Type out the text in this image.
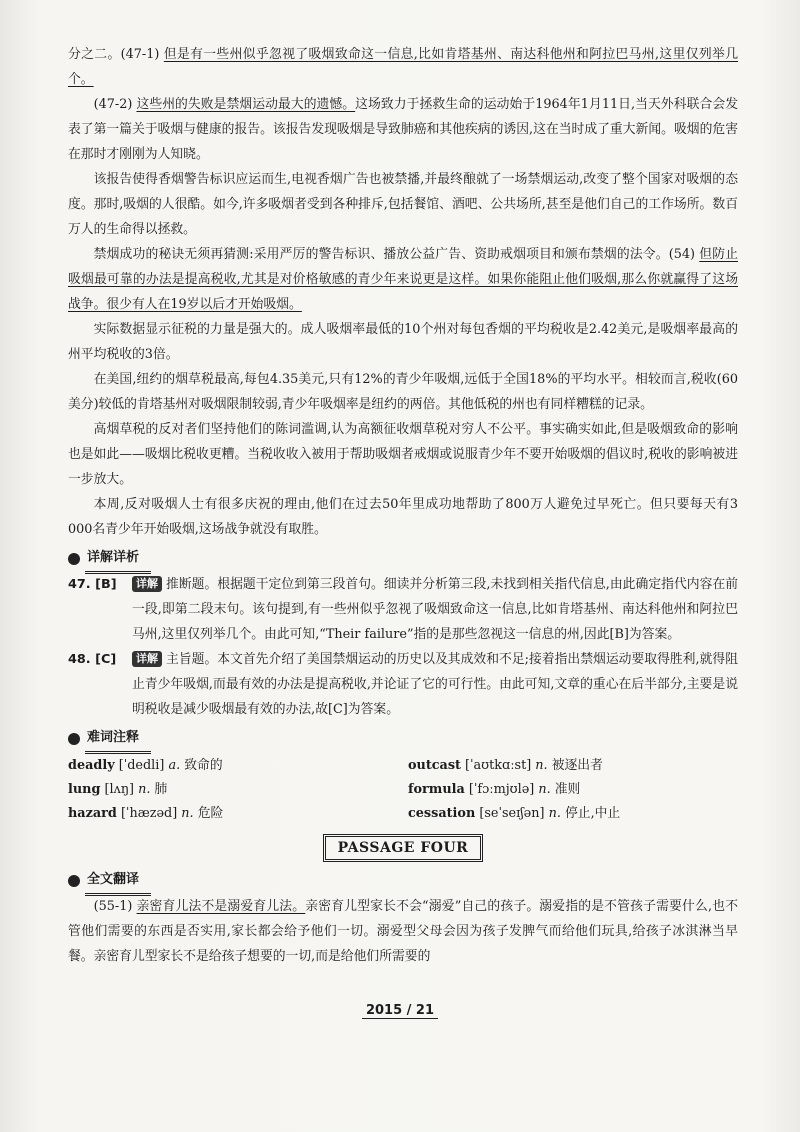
分之二。(47-1) 但是有一些州似乎忽视了吸烟致命这一信息,比如肯塔基州、南达科他州和阿拉巴马州,这里仅列举几个。

(47-2) 这些州的失败是禁烟运动最大的遗憾。这场致力于拯救生命的运动始于1964年1月11日,当天外科联合会发表了第一篇关于吸烟与健康的报告。该报告发现吸烟是导致肺癌和其他疾病的诱因,这在当时成了重大新闻。吸烟的危害在那时才刚刚为人知晓。

该报告使得香烟警告标识应运而生,电视香烟广告也被禁播,并最终酿就了一场禁烟运动,改变了整个国家对吸烟的态度。那时,吸烟的人很酷。如今,许多吸烟者受到各种排斥,包括餐馆、酒吧、公共场所,甚至是他们自己的工作场所。数百万人的生命得以拯救。

禁烟成功的秘诀无须再猜测:采用严厉的警告标识、播放公益广告、资助戒烟项目和颁布禁烟的法令。(54) 但防止吸烟最可靠的办法是提高税收,尤其是对价格敏感的青少年来说更是这样。如果你能阻止他们吸烟,那么你就赢得了这场战争。很少有人在19岁以后才开始吸烟。

实际数据显示征税的力量是强大的。成人吸烟率最低的10个州对每包香烟的平均税收是2.42美元,是吸烟率最高的州平均税收的3倍。

在美国,纽约的烟草税最高,每包4.35美元,只有12%的青少年吸烟,远低于全国18%的平均水平。相较而言,税收(60美分)较低的肯塔基州对吸烟限制较弱,青少年吸烟率是纽约的两倍。其他低税的州也有同样糟糕的记录。

高烟草税的反对者们坚持他们的陈词滥调,认为高额征收烟草税对穷人不公平。事实确实如此,但是吸烟致命的影响也是如此——吸烟比税收更糟。当税收收入被用于帮助吸烟者戒烟或说服青少年不要开始吸烟的倡议时,税收的影响被进一步放大。

本周,反对吸烟人士有很多庆祝的理由,他们在过去50年里成功地帮助了800万人避免过早死亡。但只要每天有3 000名青少年开始吸烟,这场战争就没有取胜。

详解详析
47. [B]	详解 推断题。根据题干定位到第三段首句。细读并分析第三段,未找到相关指代信息,由此确定指代内容在前一段,即第二段末句。该句提到,有一些州似乎忽视了吸烟致命这一信息,比如肯塔基州、南达科他州和阿拉巴马州,这里仅列举几个。由此可知,“Their failure”指的是那些忽视这一信息的州,因此[B]为答案。
48. [C]	详解 主旨题。本文首先介绍了美国禁烟运动的历史以及其成效和不足;接着指出禁烟运动要取得胜利,就得阻止青少年吸烟,而最有效的办法是提高税收,并论证了它的可行性。由此可知,文章的重心在后半部分,主要是说明税收是减少吸烟最有效的办法,故[C]为答案。
难词注释
deadly [ˈdedli] a. 致命的	outcast [ˈaʊtkɑːst] n. 被逐出者
lung [lʌŋ] n. 肺	formula [ˈfɔːmjʊlə] n. 准则
hazard [ˈhæzəd] n. 危险	cessation [seˈseɪʃən] n. 停止,中止
PASSAGE FOUR
全文翻译

(55-1) 亲密育儿法不是溺爱育儿法。亲密育儿型家长不会“溺爱”自己的孩子。溺爱指的是不管孩子需要什么,也不管他们需要的东西是否实用,家长都会给予他们一切。溺爱型父母会因为孩子发脾气而给他们玩具,给孩子冰淇淋当早餐。亲密育儿型家长不是给孩子想要的一切,而是给他们所需要的

2015 / 21
